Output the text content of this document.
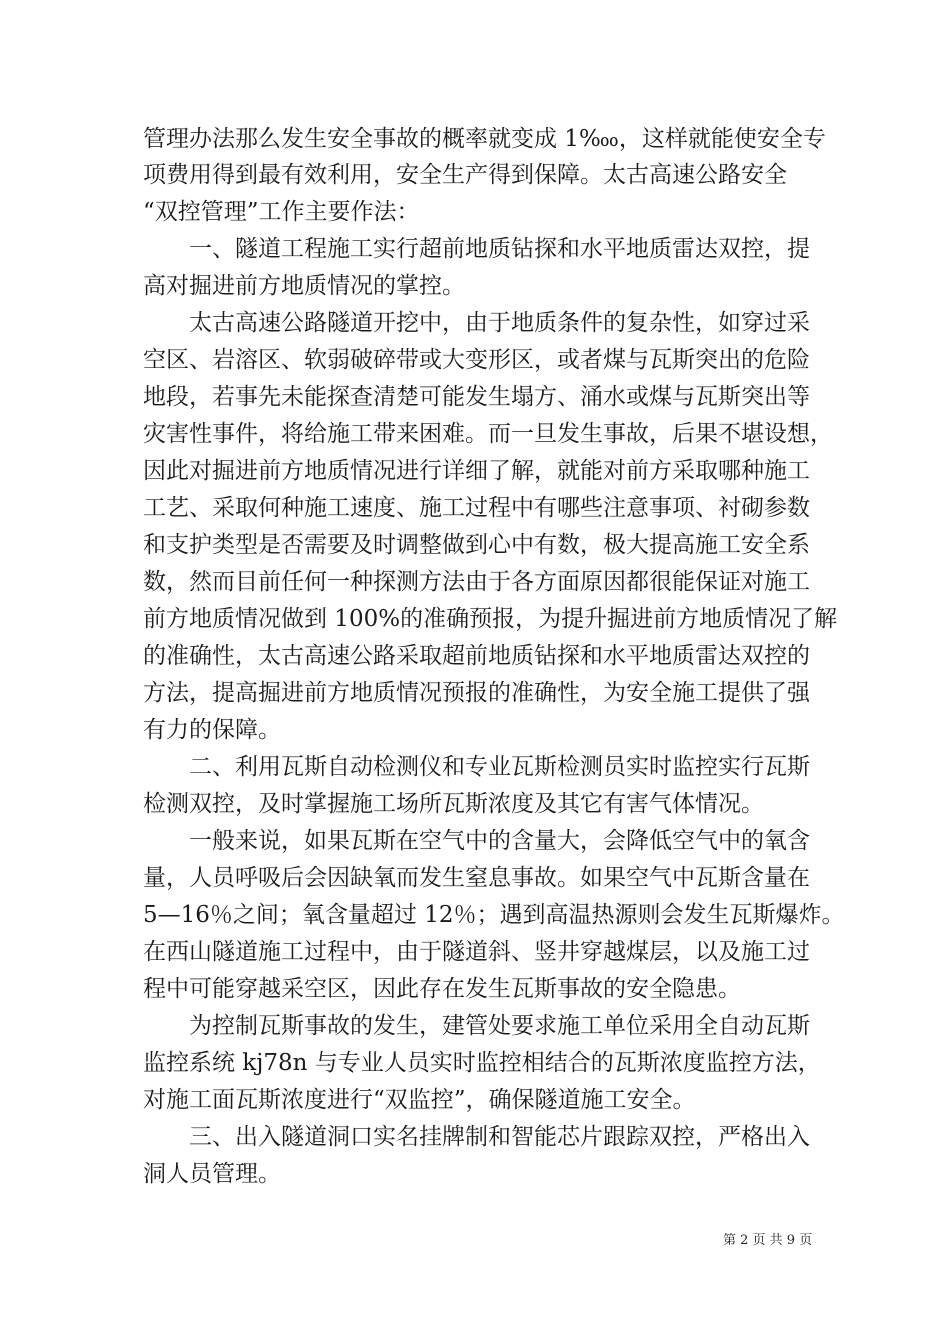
管理办法那么发生安全事故的概率就变成 1‱，这样就能使安全专
项费用得到最有效利用，安全生产得到保障。太古高速公路安全
“双控管理”工作主要作法：
　　一、隧道工程施工实行超前地质钻探和水平地质雷达双控，提
高对掘进前方地质情况的掌控。
　　太古高速公路隧道开挖中，由于地质条件的复杂性，如穿过采
空区、岩溶区、软弱破碎带或大变形区，或者煤与瓦斯突出的危险
地段，若事先未能探查清楚可能发生塌方、涌水或煤与瓦斯突出等
灾害性事件，将给施工带来困难。而一旦发生事故，后果不堪设想，
因此对掘进前方地质情况进行详细了解，就能对前方采取哪种施工
工艺、采取何种施工速度、施工过程中有哪些注意事项、衬砌参数
和支护类型是否需要及时调整做到心中有数，极大提高施工安全系
数，然而目前任何一种探测方法由于各方面原因都很能保证对施工
前方地质情况做到 100%的准确预报，为提升掘进前方地质情况了解
的准确性，太古高速公路采取超前地质钻探和水平地质雷达双控的
方法，提高掘进前方地质情况预报的准确性，为安全施工提供了强
有力的保障。
　　二、利用瓦斯自动检测仪和专业瓦斯检测员实时监控实行瓦斯
检测双控，及时掌握施工场所瓦斯浓度及其它有害气体情况。
　　一般来说，如果瓦斯在空气中的含量大，会降低空气中的氧含
量，人员呼吸后会因缺氧而发生窒息事故。如果空气中瓦斯含量在
5—16％之间；氧含量超过 12％；遇到高温热源则会发生瓦斯爆炸。
在西山隧道施工过程中，由于隧道斜、竖井穿越煤层，以及施工过
程中可能穿越采空区，因此存在发生瓦斯事故的安全隐患。
　　为控制瓦斯事故的发生，建管处要求施工单位采用全自动瓦斯
监控系统 kj78n 与专业人员实时监控相结合的瓦斯浓度监控方法，
对施工面瓦斯浓度进行“双监控”，确保隧道施工安全。
　　三、出入隧道洞口实名挂牌制和智能芯片跟踪双控，严格出入
洞人员管理。
第 2 页 共 9 页
